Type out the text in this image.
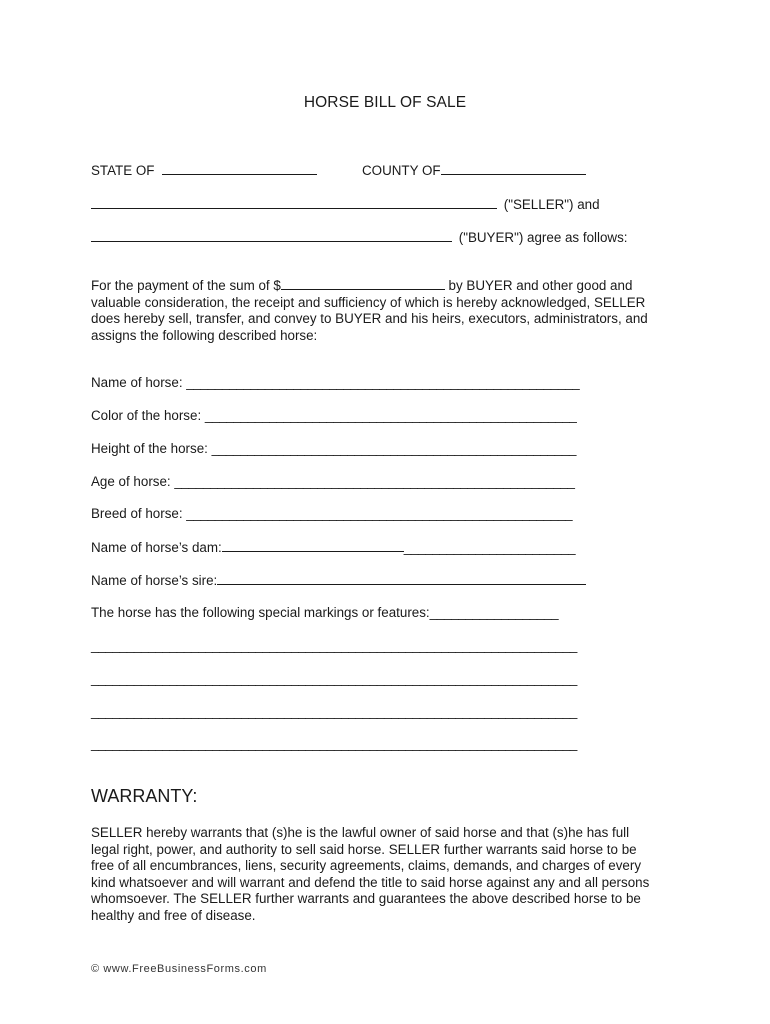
HORSE BILL OF SALE
STATE OF	COUNTY OF
("SELLER") and
("BUYER") agree as follows:
For the payment of the sum of $	by BUYER and other good and
valuable consideration, the receipt and sufficiency of which is hereby acknowledged, SELLER
does hereby sell, transfer, and convey to BUYER and his heirs, executors, administrators, and
assigns the following described horse:
Name of horse: _______________________________________________________
Color of the horse: ____________________________________________________
Height of the horse: ___________________________________________________
Age of horse: ________________________________________________________
Breed of horse: ______________________________________________________
Name of horse’s dam:	________________________
Name of horse’s sire:
The horse has the following special markings or features:__________________
____________________________________________________________________
____________________________________________________________________
____________________________________________________________________
____________________________________________________________________
WARRANTY:
SELLER hereby warrants that (s)he is the lawful owner of said horse and that (s)he has full
legal right, power, and authority to sell said horse. SELLER further warrants said horse to be
free of all encumbrances, liens, security agreements, claims, demands, and charges of every
kind whatsoever and will warrant and defend the title to said horse against any and all persons
whomsoever. The SELLER further warrants and guarantees the above described horse to be
healthy and free of disease.
© www.FreeBusinessForms.com
